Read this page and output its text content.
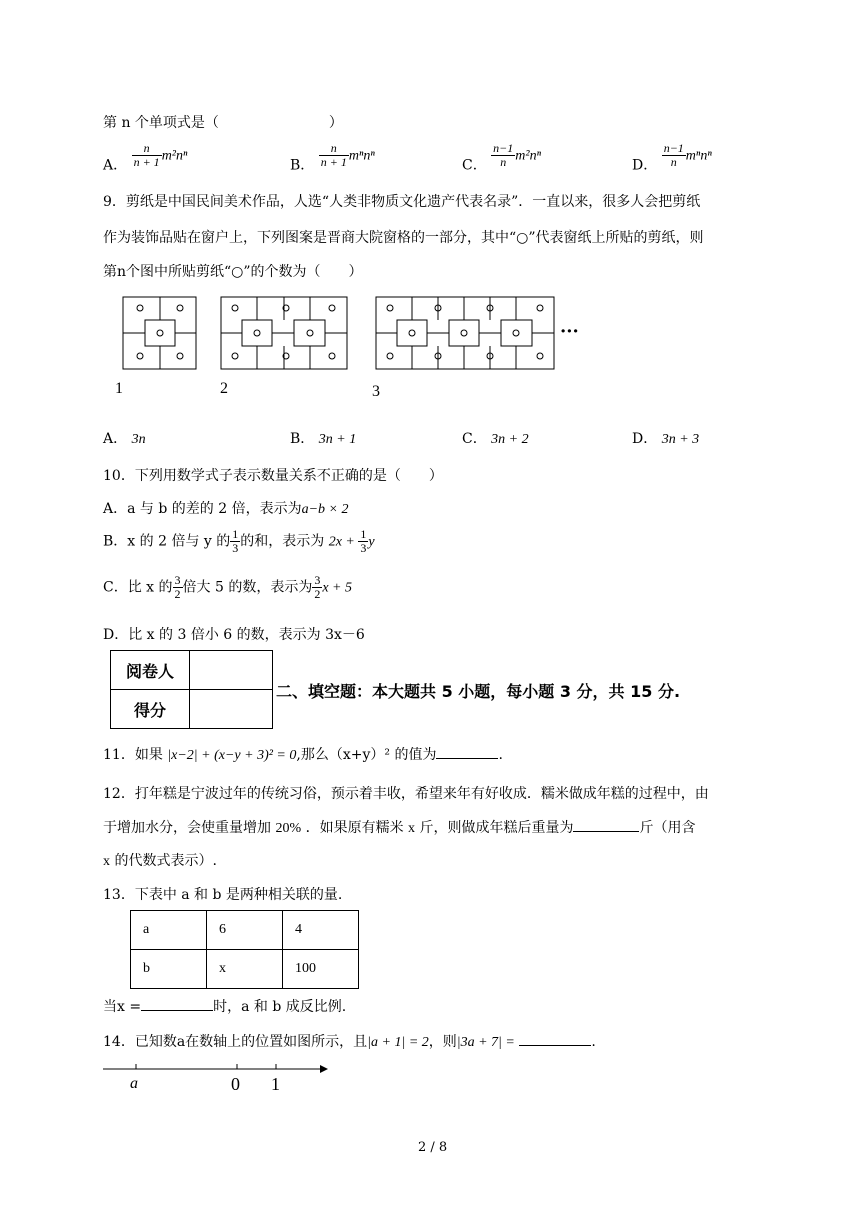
第 n 个单项式是（	）
A． $\frac{n}{n + 1} m^2n^n$
B． $\frac{n}{n + 1}$ mⁿnⁿ
C． $\frac{n-1}{n} m^2n^n$
D． $\frac{n-1}{n}$ mⁿnⁿ
9．剪纸是中国民间美术作品，人选“人类非物质文化遗产代表名录”．一直以来，很多人会把剪纸
作为装饰品贴在窗户上，下列图案是晋商大院窗格的一部分，其中“○”代表窗纸上所贴的剪纸，则
第n个图中所贴剪纸“○”的个数为（　　）
···
1	2	3
A． 3n	B． 3n + 1	C． 3n + 2	D． 3n + 3
10．下列用数学式子表示数量关系不正确的是（　　）
A．a 与 b 的差的 2 倍，表示为a−b × 2
B．x 的 2 倍与 y 的 $\frac{1}{3}$ 的和，表示为 $2x + \frac{1}{3}$ y
C．比 x 的 $\frac{3}{2}$ 倍大 5 的数，表示为 $\frac{3}{2}$ x + 5
D．比 x 的 3 倍小 6 的数，表示为 3x－6
阅卷人	
得分	
二、填空题：本大题共 5 小题，每小题 3 分，共 15 分.
11．如果 |x−2| + (x−y + 3)² = 0,那么（x+y）² 的值为	.
12．打年糕是宁波过年的传统习俗，预示着丰收，希望来年有好收成．糯米做成年糕的过程中，由
于增加水分，会使重量增加 20% ．如果原有糯米 x 斤，则做成年糕后重量为	斤（用含
x 的代数式表示）.
13．下表中 a 和 b 是两种相关联的量.
a	6	4
b	x	100
当x =	时，a 和 b 成反比例.
14．已知数a在数轴上的位置如图所示，且|a + 1| = 2，则|3a + 7| =	.
a	0 1
2 / 8
